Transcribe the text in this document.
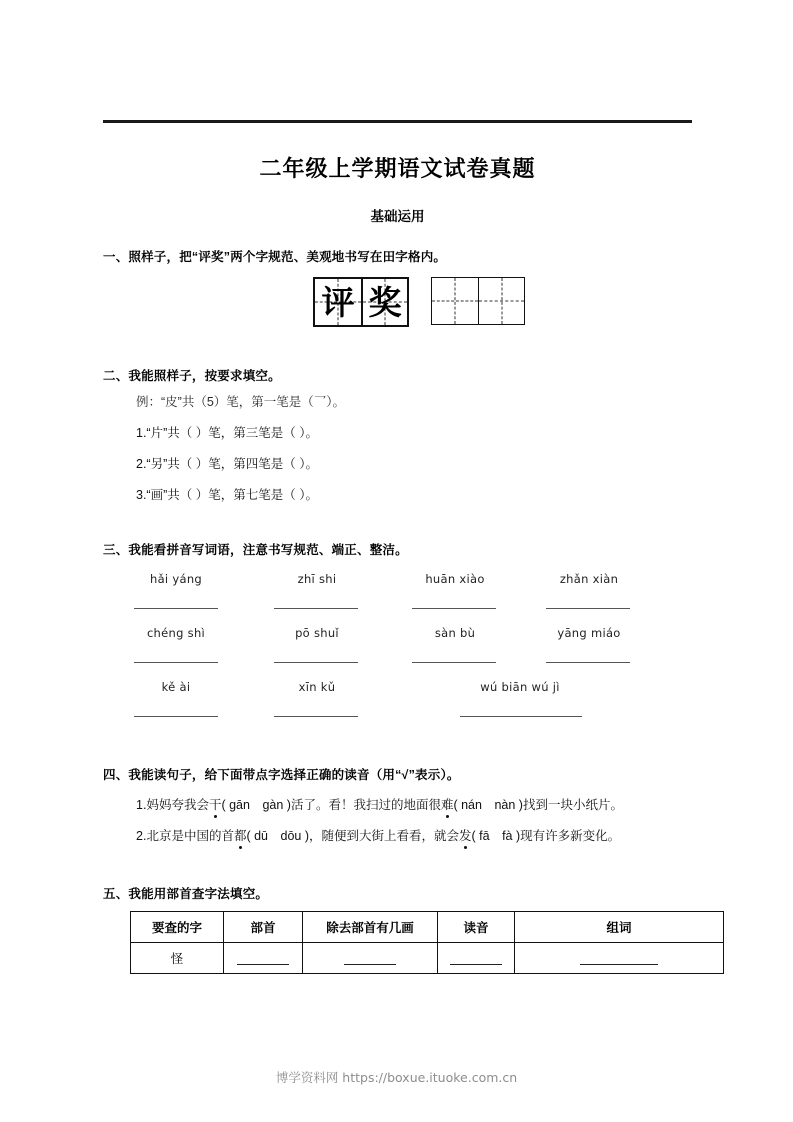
二年级上学期语文试卷真题
基础运用
一、照样子，把“评奖”两个字规范、美观地书写在田字格内。
评 奖
二、我能照样子，按要求填空。
例：“皮”共（5）笔，第一笔是（乛）。
1.“片”共（ ）笔，第三笔是（ ）。
2.“另”共（ ）笔，第四笔是（ ）。
3.“画”共（ ）笔，第七笔是（ ）。
三、我能看拼音写词语，注意书写规范、端正、整洁。
hǎi yáng	zhī shi	huān xiào	zhǎn xiàn
chéng shì	pō shuǐ	sàn bù	yāng miáo
kě ài	xīn kǔ	wú biān wú jì
四、我能读句子，给下面带点字选择正确的读音（用“√”表示）。
1.妈妈夸我会干( gān　gàn )活了。看！我扫过的地面很难( nán　nàn )找到一块小纸片。
2.北京是中国的首都( dū　dōu )，随便到大街上看看，就会发( fā　fà )现有许多新变化。
五、我能用部首查字法填空。
要查的字	部首	除去部首有几画	读音	组词
怪				
博学资料网 https://boxue.ituoke.com.cn
